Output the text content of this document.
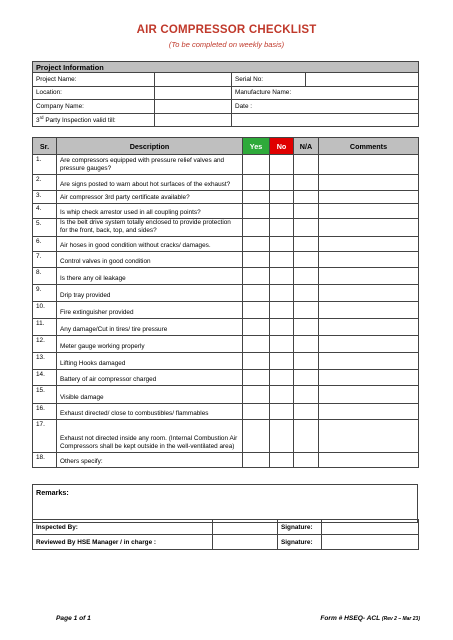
AIR COMPRESSOR CHECKLIST
(To be completed on weekly basis)
Project Information			
Project Name:		Serial No:	
Location:		Manufacture Name:	
Company Name:		Date :	
3rd Party Inspection valid till:			
Sr.	Description	Yes	No	N/A	Comments
1.	Are compressors equipped with pressure relief valves and pressure gauges?				
2.	Are signs posted to warn about hot surfaces of the exhaust?				
3.	Air compressor 3rd party certificate available?				
4.	Is whip check arrestor used in all coupling points?				
5.	Is the belt drive system totally enclosed to provide protection for the front, back, top, and sides?				
6.	Air hoses in good condition without cracks/ damages.				
7.	Control valves in good condition				
8.	Is there any oil leakage				
9.	Drip tray provided				
10.	Fire extinguisher provided				
11.	Any damage/Cut in tires/ tire pressure				
12.	Meter gauge working properly				
13.	Lifting Hooks damaged				
14.	Battery of air compressor charged				
15.	Visible damage				
16.	Exhaust directed/ close to combustibles/ flammables				
17.	Exhaust not directed inside any room. (Internal Combustion Air Compressors shall be kept outside in the well-ventilated area)				
18.	Others specify:				
Remarks:
Inspected By:		Signature:	
Reviewed By HSE Manager / in charge :		Signature:	
Page 1 of 1	Form # HSEQ- ACL (Rev 2 – Mar 23)
